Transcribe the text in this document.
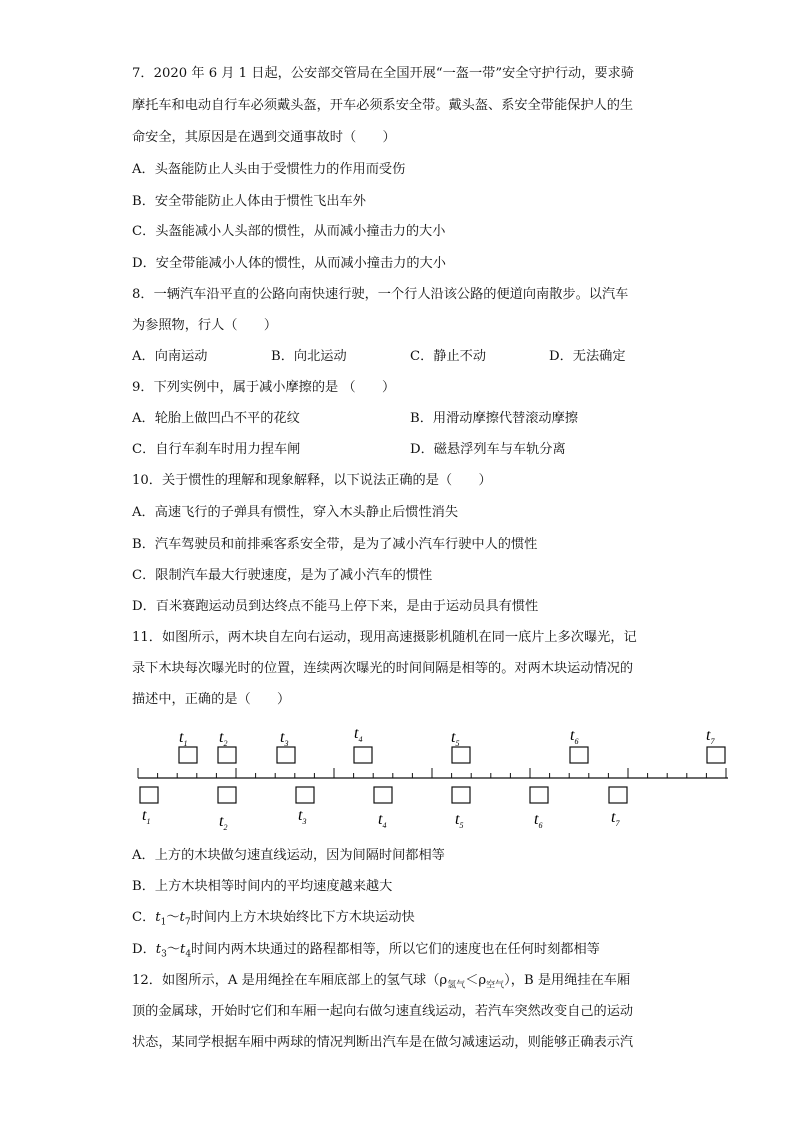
7．2020 年 6 月 1 日起，公安部交管局在全国开展“一盔一带”安全守护行动，要求骑
摩托车和电动自行车必须戴头盔，开车必须系安全带。戴头盔、系安全带能保护人的生
命安全，其原因是在遇到交通事故时（　　）
A．头盔能防止人头由于受惯性力的作用而受伤
B．安全带能防止人体由于惯性飞出车外
C．头盔能减小人头部的惯性，从而减小撞击力的大小
D．安全带能减小人体的惯性，从而减小撞击力的大小
8．一辆汽车沿平直的公路向南快速行驶，一个行人沿该公路的便道向南散步。以汽车
为参照物，行人（　　）
A．向南运动	B．向北运动	C．静止不动	D．无法确定
9．下列实例中，属于减小摩擦的是 （　　）
A．轮胎上做凹凸不平的花纹	B．用滑动摩擦代替滚动摩擦
C．自行车刹车时用力捏车闸	D．磁悬浮列车与车轨分离
10．关于惯性的理解和现象解释，以下说法正确的是（　　）
A．高速飞行的子弹具有惯性，穿入木头静止后惯性消失
B．汽车驾驶员和前排乘客系安全带，是为了减小汽车行驶中人的惯性
C．限制汽车最大行驶速度，是为了减小汽车的惯性
D．百米赛跑运动员到达终点不能马上停下来，是由于运动员具有惯性
11．如图所示，两木块自左向右运动，现用高速摄影机随机在同一底片上多次曝光，记
录下木块每次曝光时的位置，连续两次曝光的时间间隔是相等的。对两木块运动情况的
描述中，正确的是（　　）
$t_1$ $t_2$	$t_3$
$t_4$	$t_5$	$t_6$	$t_7$
$t_1$	$t_2$
$t_3$	$t_4$	$t_5$	$t_6$	$t_7$
A．上方的木块做匀速直线运动，因为间隔时间都相等
B．上方木块相等时间内的平均速度越来越大
C．$t_1\sim t_7$时间内上方木块始终比下方木块运动快
D．$t_3\sim t_4$时间内两木块通过的路程都相等，所以它们的速度也在任何时刻都相等
12．如图所示，A 是用绳拴在车厢底部上的氢气球$(\rho_{氢气}<\rho_{空气})$，B 是用绳挂在车厢
顶的金属球，开始时它们和车厢一起向右做匀速直线运动，若汽车突然改变自己的运动
状态，某同学根据车厢中两球的情况判断出汽车是在做匀减速运动，则能够正确表示汽
